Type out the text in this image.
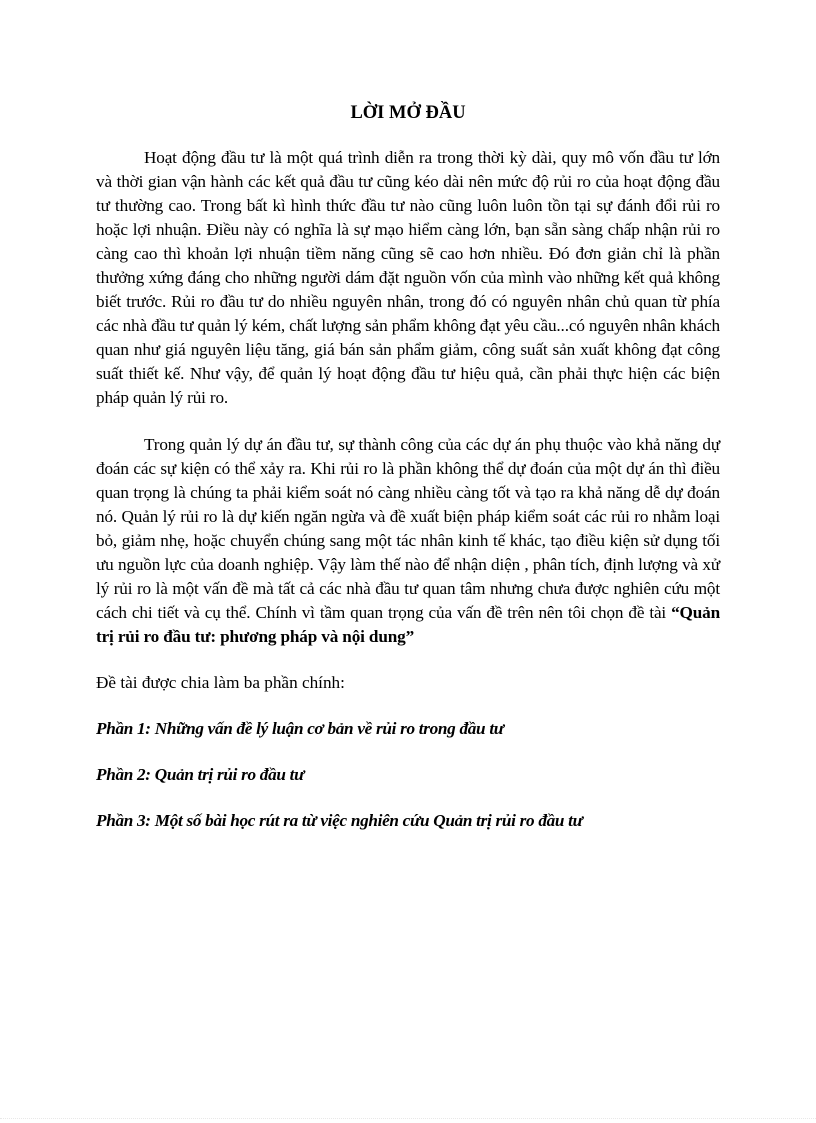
LỜI MỞ ĐẦU

Hoạt động đầu tư là một quá trình diễn ra trong thời kỳ dài, quy mô vốn đầu tư lớn và thời gian vận hành các kết quả đầu tư cũng kéo dài nên mức độ rủi ro của hoạt động đầu tư thường cao. Trong bất kì hình thức đầu tư nào cũng luôn luôn tồn tại sự đánh đổi rủi ro hoặc lợi nhuận. Điều này có nghĩa là sự mạo hiểm càng lớn, bạn sẵn sàng chấp nhận rủi ro càng cao thì khoản lợi nhuận tiềm năng cũng sẽ cao hơn nhiều. Đó đơn giản chỉ là phần thưởng xứng đáng cho những người dám đặt nguồn vốn của mình vào những kết quả không biết trước. Rủi ro đầu tư do nhiều nguyên nhân, trong đó có nguyên nhân chủ quan từ phía các nhà đầu tư quản lý kém, chất lượng sản phẩm không đạt yêu cầu...có nguyên nhân khách quan như giá nguyên liệu tăng, giá bán sản phẩm giảm, công suất sản xuất không đạt công suất thiết kế. Như vậy, để quản lý hoạt động đầu tư hiệu quả, cần phải thực hiện các biện pháp quản lý rủi ro.

Trong quản lý dự án đầu tư, sự thành công của các dự án phụ thuộc vào khả năng dự đoán các sự kiện có thể xảy ra. Khi rủi ro là phần không thể dự đoán của một dự án thì điều quan trọng là chúng ta phải kiểm soát nó càng nhiều càng tốt và tạo ra khả năng dễ dự đoán nó. Quản lý rủi ro là dự kiến ngăn ngừa và đề xuất biện pháp kiểm soát các rủi ro nhằm loại bỏ, giảm nhẹ, hoặc chuyển chúng sang một tác nhân kinh tế khác, tạo điều kiện sử dụng tối ưu nguồn lực của doanh nghiệp. Vậy làm thế nào để nhận diện , phân tích, định lượng và xử lý rủi ro là một vấn đề mà tất cả các nhà đầu tư quan tâm nhưng chưa được nghiên cứu một cách chi tiết và cụ thể. Chính vì tầm quan trọng của vấn đề trên nên tôi chọn đề tài “Quản trị rủi ro đầu tư: phương pháp và nội dung”

Đề tài được chia làm ba phần chính:

Phần 1: Những vấn đề lý luận cơ bản về rủi ro trong đầu tư

Phần 2: Quản trị rủi ro đầu tư

Phần 3: Một số bài học rút ra từ việc nghiên cứu Quản trị rủi ro đầu tư
